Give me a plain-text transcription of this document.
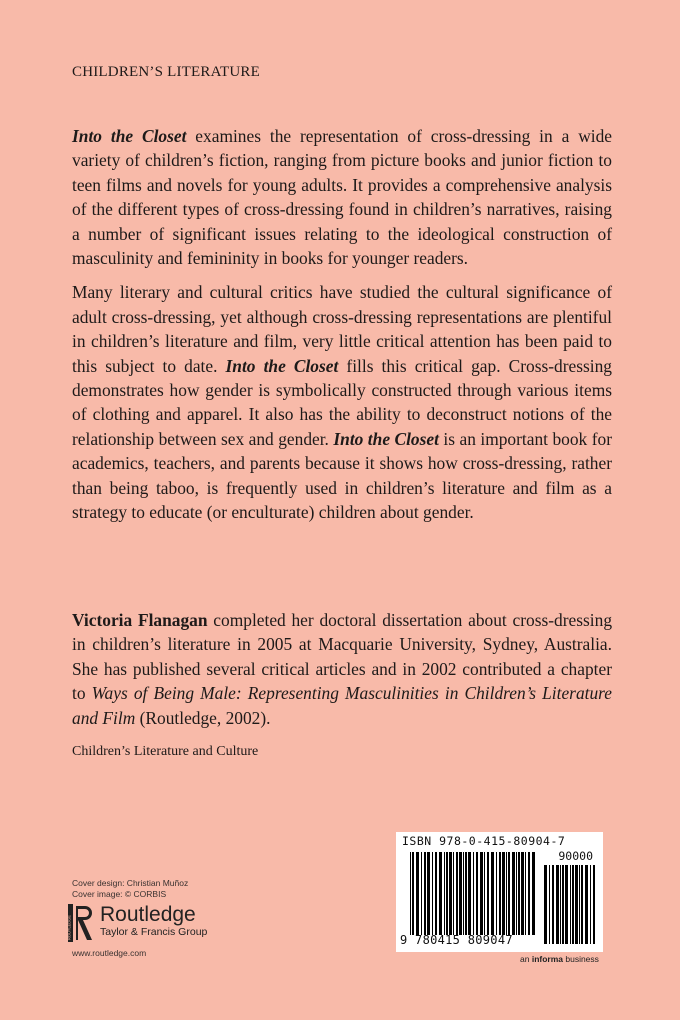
CHILDREN’S LITERATURE

Into the Closet examines the representation of cross-dressing in a wide variety of children’s fiction, ranging from picture books and junior fiction to teen films and novels for young adults. It provides a comprehensive analysis of the different types of cross-dressing found in children’s narratives, raising a number of significant issues relating to the ideological construction of masculinity and femininity in books for younger readers.

Many literary and cultural critics have studied the cultural significance of adult cross-dressing, yet although cross-dressing representations are plentiful in children’s literature and film, very little critical attention has been paid to this subject to date. Into the Closet fills this critical gap. Cross-dressing demonstrates how gender is symbolically constructed through various items of clothing and apparel. It also has the ability to deconstruct notions of the relationship between sex and gender. Into the Closet is an important book for academics, teachers, and parents because it shows how cross-dressing, rather than being taboo, is frequently used in children’s literature and film as a strategy to educate (or enculturate) children about gender.

Victoria Flanagan completed her doctoral dissertation about cross-dressing in children’s literature in 2005 at Macquarie University, Sydney, Australia. She has published several critical articles and in 2002 contributed a chapter to Ways of Being Male: Representing Masculinities in Children’s Literature and Film (Routledge, 2002).
Children’s Literature and Culture
Cover design: Christian Muñoz
Cover image: © CORBIS
ROUTLEDGE
Routledge
Taylor & Francis Group
www.routledge.com
ISBN 978-0-415-80904-7
90000
9 780415 809047
an informa business
